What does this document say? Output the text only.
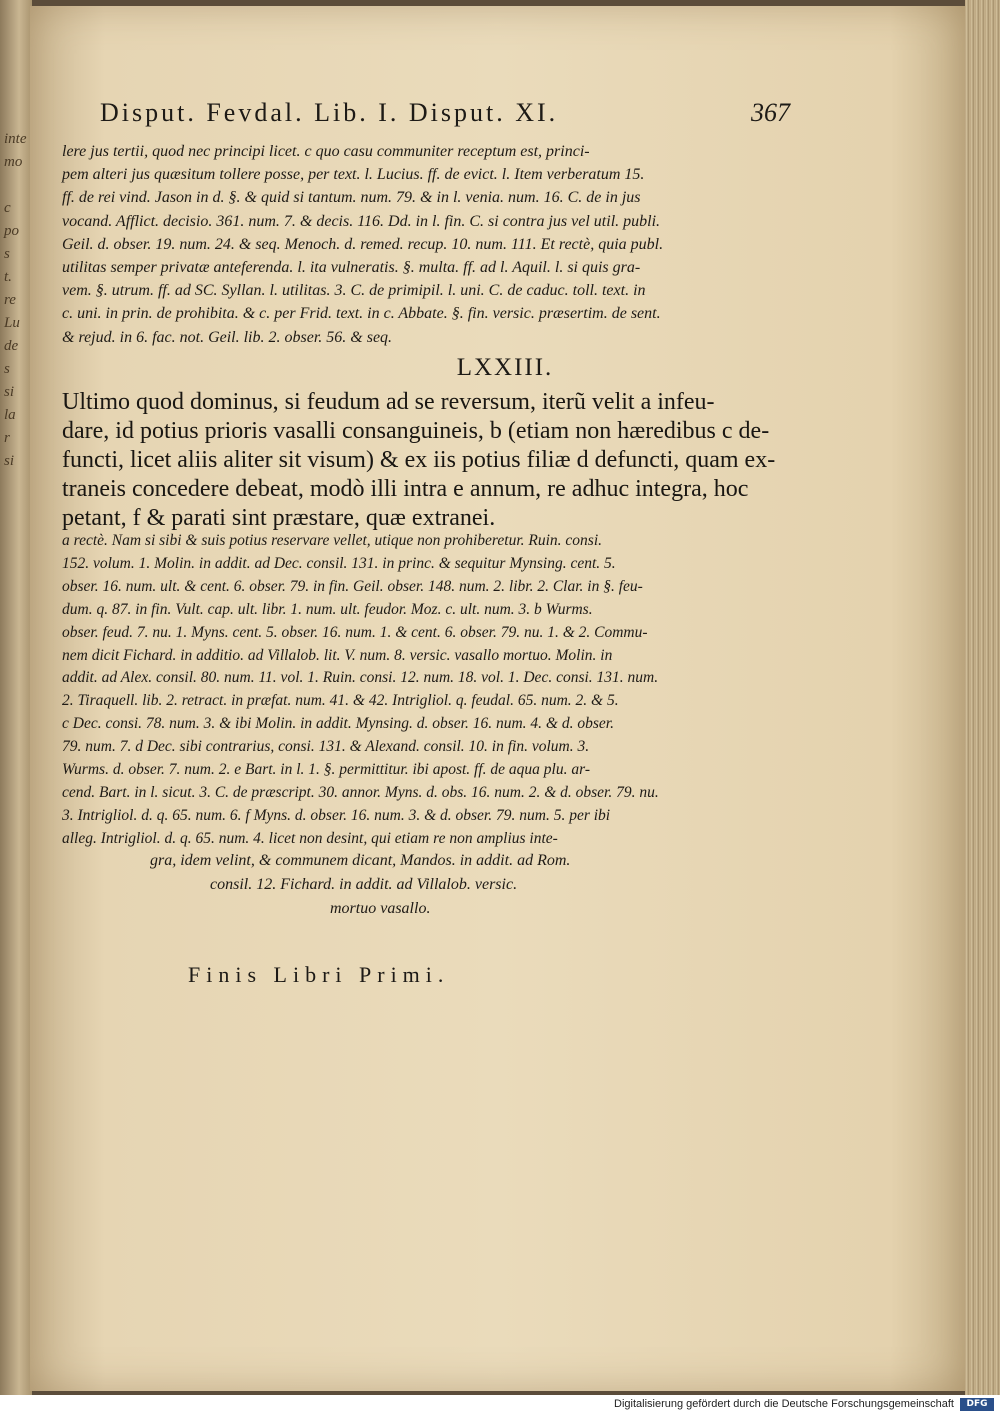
inte
mo

c
po
s
t.
re
Lu
de
s
si
la
r
si
Disput. Fevdal. Lib. I. Disput. XI.	367
lere jus tertii, quod nec principi licet. c quo casu communiter receptum est, princi-
pem alteri jus quæsitum tollere posse, per text. l. Lucius. ff. de evict. l. Item verberatum 15.
ff. de rei vind. Jason in d. §. & quid si tantum. num. 79. & in l. venia. num. 16. C. de in jus
vocand. Afflict. decisio. 361. num. 7. & decis. 116. Dd. in l. fin. C. si contra jus vel util. publi.
Geil. d. obser. 19. num. 24. & seq. Menoch. d. remed. recup. 10. num. 111. Et rectè, quia publ.
utilitas semper privatæ anteferenda. l. ita vulneratis. §. multa. ff. ad l. Aquil. l. si quis gra-
vem. §. utrum. ff. ad SC. Syllan. l. utilitas. 3. C. de primipil. l. uni. C. de caduc. toll. text. in
c. uni. in prin. de prohibita. & c. per Frid. text. in c. Abbate. §. fin. versic. præsertim. de sent.
& rejud. in 6. fac. not. Geil. lib. 2. obser. 56. & seq.
LXXIII.
Ultimo quod dominus, si feudum ad se reversum, iterũ velit a infeu-
dare, id potius prioris vasalli consanguineis, b (etiam non hæredibus c de-
functi, licet aliis aliter sit visum) & ex iis potius filiæ d defuncti, quam ex-
traneis concedere debeat, modò illi intra e annum, re adhuc integra, hoc
petant, f & parati sint præstare, quæ extranei.
a rectè. Nam si sibi & suis potius reservare vellet, utique non prohiberetur. Ruin. consi.
152. volum. 1. Molin. in addit. ad Dec. consil. 131. in princ. & sequitur Mynsing. cent. 5.
obser. 16. num. ult. & cent. 6. obser. 79. in fin. Geil. obser. 148. num. 2. libr. 2. Clar. in §. feu-
dum. q. 87. in fin. Vult. cap. ult. libr. 1. num. ult. feudor. Moz. c. ult. num. 3. b Wurms.
obser. feud. 7. nu. 1. Myns. cent. 5. obser. 16. num. 1. & cent. 6. obser. 79. nu. 1. & 2. Commu-
nem dicit Fichard. in additio. ad Villalob. lit. V. num. 8. versic. vasallo mortuo. Molin. in
addit. ad Alex. consil. 80. num. 11. vol. 1. Ruin. consi. 12. num. 18. vol. 1. Dec. consi. 131. num.
2. Tiraquell. lib. 2. retract. in præfat. num. 41. & 42. Intrigliol. q. feudal. 65. num. 2. & 5.
c Dec. consi. 78. num. 3. & ibi Molin. in addit. Mynsing. d. obser. 16. num. 4. & d. obser.
79. num. 7. d Dec. sibi contrarius, consi. 131. & Alexand. consil. 10. in fin. volum. 3.
Wurms. d. obser. 7. num. 2. e Bart. in l. 1. §. permittitur. ibi apost. ff. de aqua plu. ar-
cend. Bart. in l. sicut. 3. C. de præscript. 30. annor. Myns. d. obs. 16. num. 2. & d. obser. 79. nu.
3. Intrigliol. d. q. 65. num. 6. f Myns. d. obser. 16. num. 3. & d. obser. 79. num. 5. per ibi
alleg. Intrigliol. d. q. 65. num. 4. licet non desint, qui etiam re non amplius inte-
gra, idem velint, & communem dicant, Mandos. in addit. ad Rom.
consil. 12. Fichard. in addit. ad Villalob. versic.
mortuo vasallo.
Finis Libri Primi.
Digitalisierung gefördert durch die Deutsche Forschungsgemeinschaft	DFG
